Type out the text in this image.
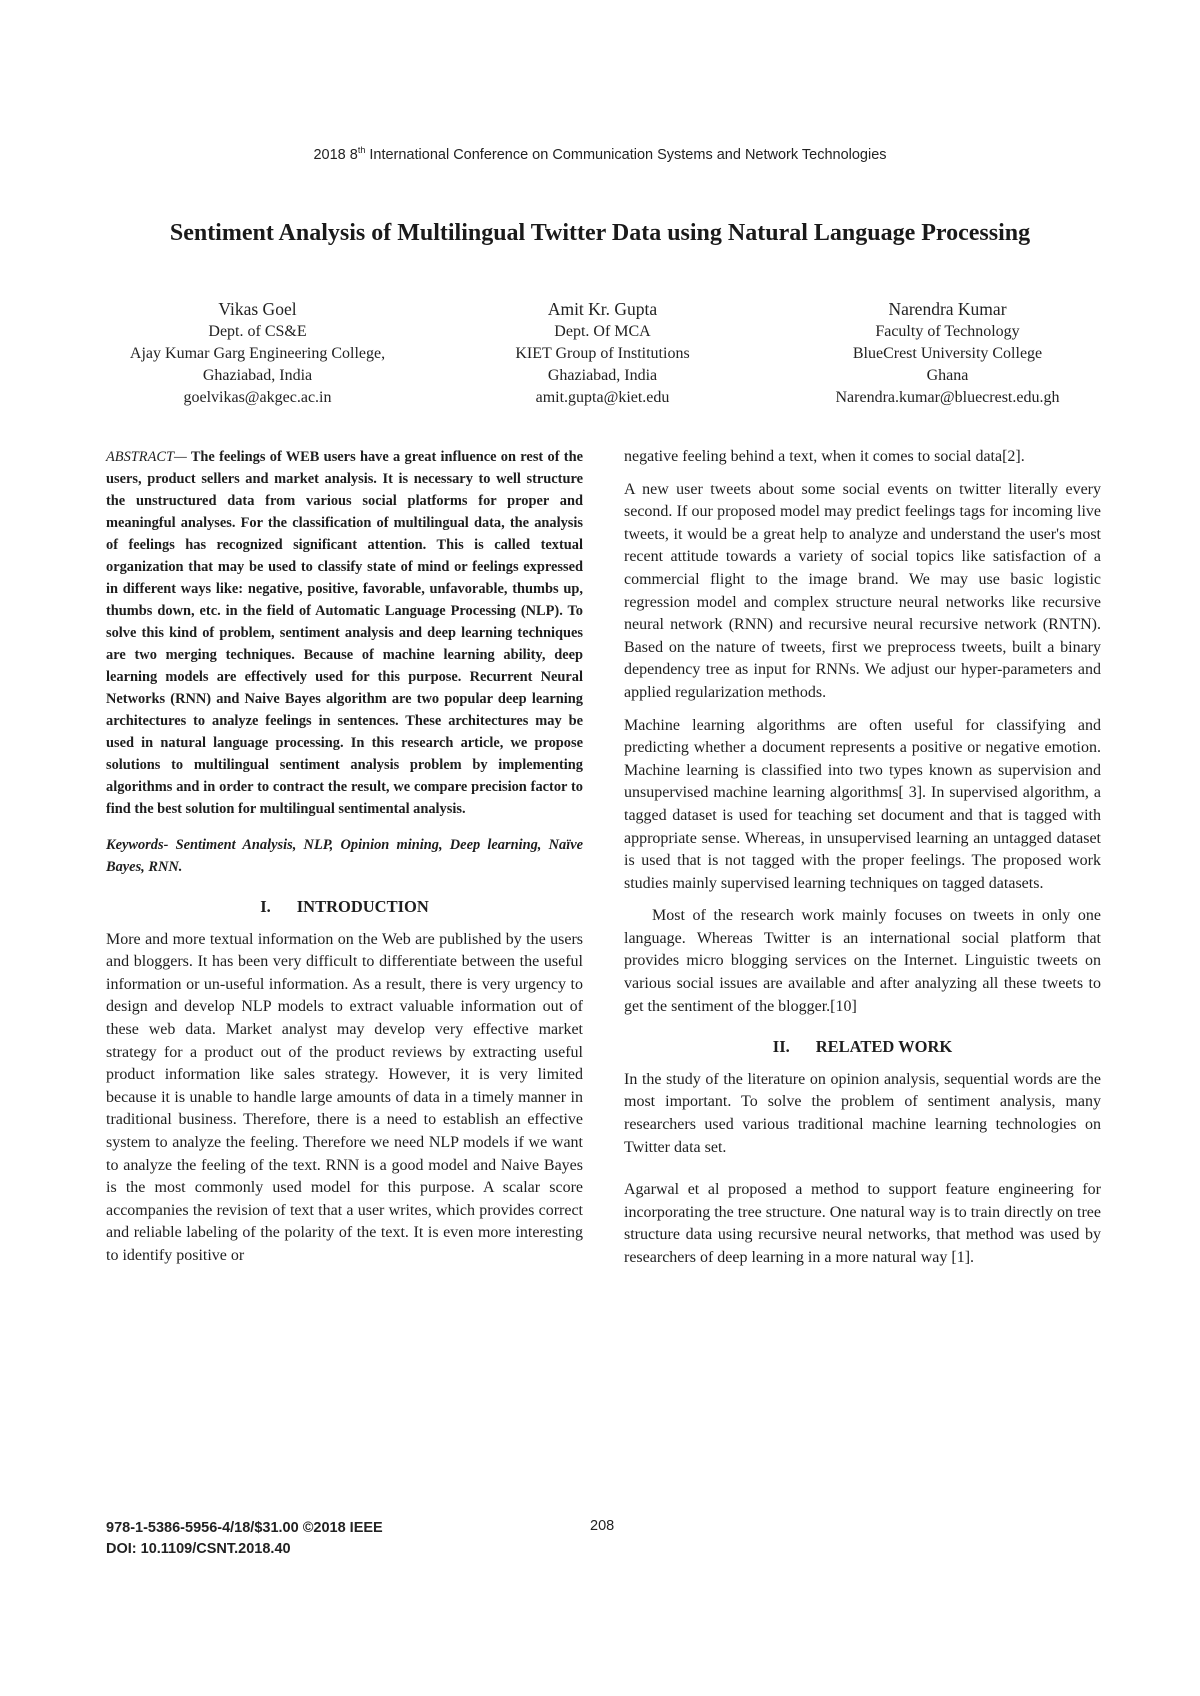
2018 8th International Conference on Communication Systems and Network Technologies
Sentiment Analysis of Multilingual Twitter Data using Natural Language Processing
Vikas Goel
Dept. of CS&E
Ajay Kumar Garg Engineering College,
Ghaziabad, India
goelvikas@akgec.ac.in
Amit Kr. Gupta
Dept. Of MCA
KIET Group of Institutions
Ghaziabad, India
amit.gupta@kiet.edu
Narendra Kumar
Faculty of Technology
BlueCrest University College
Ghana
Narendra.kumar@bluecrest.edu.gh

ABSTRACT— The feelings of WEB users have a great influence on rest of the users, product sellers and market analysis. It is necessary to well structure the unstructured data from various social platforms for proper and meaningful analyses. For the classification of multilingual data, the analysis of feelings has recognized significant attention. This is called textual organization that may be used to classify state of mind or feelings expressed in different ways like: negative, positive, favorable, unfavorable, thumbs up, thumbs down, etc. in the field of Automatic Language Processing (NLP). To solve this kind of problem, sentiment analysis and deep learning techniques are two merging techniques. Because of machine learning ability, deep learning models are effectively used for this purpose. Recurrent Neural Networks (RNN) and Naive Bayes algorithm are two popular deep learning architectures to analyze feelings in sentences. These architectures may be used in natural language processing. In this research article, we propose solutions to multilingual sentiment analysis problem by implementing algorithms and in order to contract the result, we compare precision factor to find the best solution for multilingual sentimental analysis.

Keywords- Sentiment Analysis, NLP, Opinion mining, Deep learning, Naïve Bayes, RNN.

I. INTRODUCTION

More and more textual information on the Web are published by the users and bloggers. It has been very difficult to differentiate between the useful information or un-useful information. As a result, there is very urgency to design and develop NLP models to extract valuable information out of these web data. Market analyst may develop very effective market strategy for a product out of the product reviews by extracting useful product information like sales strategy. However, it is very limited because it is unable to handle large amounts of data in a timely manner in traditional business. Therefore, there is a need to establish an effective system to analyze the feeling. Therefore we need NLP models if we want to analyze the feeling of the text. RNN is a good model and Naive Bayes is the most commonly used model for this purpose. A scalar score accompanies the revision of text that a user writes, which provides correct and reliable labeling of the polarity of the text. It is even more interesting to identify positive or

negative feeling behind a text, when it comes to social data[2].

A new user tweets about some social events on twitter literally every second. If our proposed model may predict feelings tags for incoming live tweets, it would be a great help to analyze and understand the user's most recent attitude towards a variety of social topics like satisfaction of a commercial flight to the image brand. We may use basic logistic regression model and complex structure neural networks like recursive neural network (RNN) and recursive neural recursive network (RNTN). Based on the nature of tweets, first we preprocess tweets, built a binary dependency tree as input for RNNs. We adjust our hyper-parameters and applied regularization methods.

Machine learning algorithms are often useful for classifying and predicting whether a document represents a positive or negative emotion. Machine learning is classified into two types known as supervision and unsupervised machine learning algorithms[ 3]. In supervised algorithm, a tagged dataset is used for teaching set document and that is tagged with appropriate sense. Whereas, in unsupervised learning an untagged dataset is used that is not tagged with the proper feelings. The proposed work studies mainly supervised learning techniques on tagged datasets.

Most of the research work mainly focuses on tweets in only one language. Whereas Twitter is an international social platform that provides micro blogging services on the Internet. Linguistic tweets on various social issues are available and after analyzing all these tweets to get the sentiment of the blogger.[10]

II. RELATED WORK

In the study of the literature on opinion analysis, sequential words are the most important. To solve the problem of sentiment analysis, many researchers used various traditional machine learning technologies on Twitter data set.

Agarwal et al proposed a method to support feature engineering for incorporating the tree structure. One natural way is to train directly on tree structure data using recursive neural networks, that method was used by researchers of deep learning in a more natural way [1].

978-1-5386-5956-4/18/$31.00 ©2018 IEEE
DOI: 10.1109/CSNT.2018.40
208
